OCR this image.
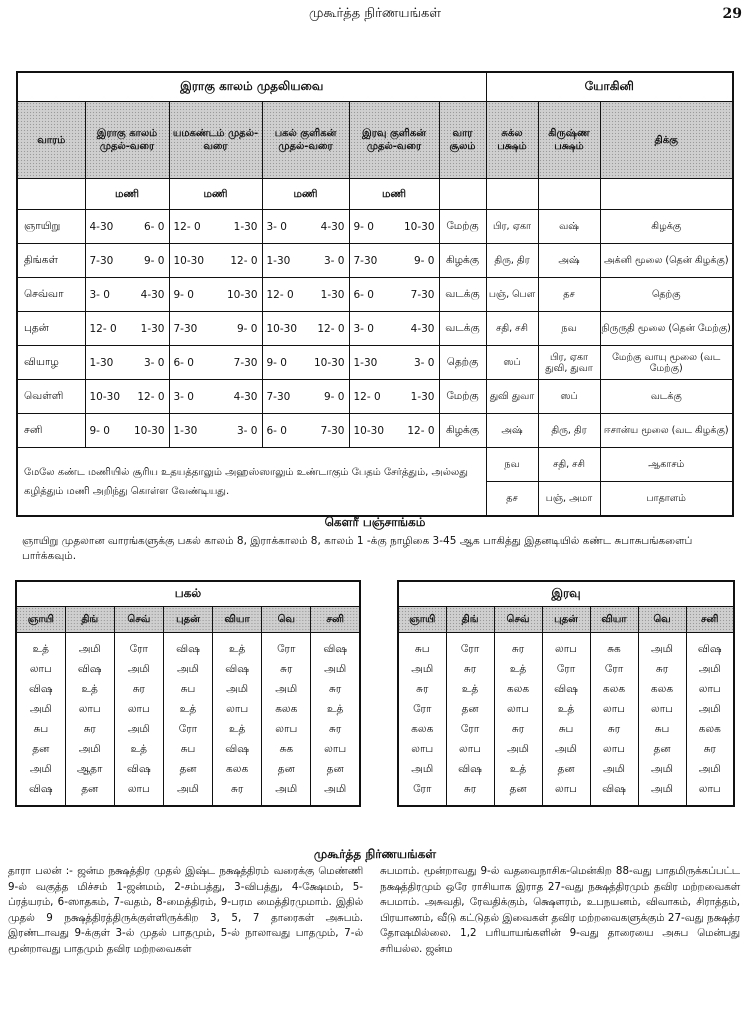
முகூர்த்த நிர்ணயங்கள்	29
இராகு காலம் முதலியவை						யோகினி		
வாரம்	இராகு காலம் முதல்-வரை	யமகண்டம் முதல்-வரை	பகல் குளிகன் முதல்-வரை	இரவு குளிகன் முதல்-வரை	வார சூலம்	சுக்ல பக்ஷம்	கிருஷ்ண பக்ஷம்	திக்கு
	மணி	மணி	மணி	மணி				
ஞாயிறு	4-30 6- 0	12- 0 1-30	3- 0 4-30	9- 0 10-30	மேற்கு	பிர, ஏகா	வஷ்	கிழக்கு
திங்கள்	7-30 9- 0	10-30 12- 0	1-30 3- 0	7-30 9- 0	கிழக்கு	திரு, திர	அஷ்	அக்னி மூலை (தென் கிழக்கு)
செவ்வா	3- 0 4-30	9- 0 10-30	12- 0 1-30	6- 0 7-30	வடக்கு	பஞ், பௌ	தச	தெற்கு
புதன்	12- 0 1-30	7-30 9- 0	10-30 12- 0	3- 0 4-30	வடக்கு	சதி, சசி	நவ	நிருருதி மூலை (தென் மேற்கு)
வியாழ	1-30 3- 0	6- 0 7-30	9- 0 10-30	1-30 3- 0	தெற்கு	ஸப்	பிர, ஏகா துவி, துவா	மேற்கு வாயு மூலை (வட மேற்கு)
வெள்ளி	10-30 12- 0	3- 0 4-30	7-30 9- 0	12- 0 1-30	மேற்கு	துவி துவா	ஸப்	வடக்கு
சனி	9- 0 10-30	1-30 3- 0	6- 0 7-30	10-30 12- 0	கிழக்கு	அஷ்	திரு, திர	ஈசான்ய மூலை (வட கிழக்கு)
மேலே கண்ட மணியில் சூரிய உதயத்தாலும் அஹஸ்ஸாலும் உண்டாகும் பேதம் சேர்த்தும், அல்லது கழித்தும் மணி அறிந்து கொள்ள வேண்டியது.						நவ	சதி, சசி	ஆகாசம்
						தச	பஞ், அமா	பாதாளம்
கௌரீ பஞ்சாங்கம்
ஞாயிறு முதலான வாரங்களுக்கு பகல் காலம் 8, இராக்காலம் 8, காலம் 1 -க்கு நாழிகை 3-45 ஆக பாகித்து இதனடியில் கண்ட சுபாசுபங்களைப் பார்க்கவும்.
பகல்						
ஞாயி	திங்	செவ்	புதன்	வியா	வெ	சனி
உத்	அமி	ரோ	விஷ	உத்	ரோ	விஷ
லாப	விஷ	அமி	அமி	விஷ	சுர	அமி
விஷ	உத்	சுர	சுப	அமி	அமி	சுர
அமி	லாப	லாப	உத்	லாப	கலக	உத்
சுப	சுர	அமி	ரோ	உத்	லாப	சுர
தன	அமி	உத்	சுப	விஷ	சுக	லாப
அமி	ஆதா	விஷ	தன	கலக	தன	தன
விஷ	தன	லாப	அமி	சுர	அமி	அமி
இரவு						
ஞாயி	திங்	செவ்	புதன்	வியா	வெ	சனி
சுப	ரோ	சுர	லாப	சுக	அமி	விஷ
அமி	சுர	உத்	ரோ	ரோ	சுர	அமி
சுர	உத்	கலக	விஷ	கலக	கலக	லாப
ரோ	தன	லாப	உத்	லாப	லாப	அமி
கலக	ரோ	சுர	சுப	சுர	சுப	கலக
லாப	லாப	அமி	அமி	லாப	தன	சுர
அமி	விஷ	உத்	தன	அமி	அமி	அமி
ரோ	சுர	தன	லாப	விஷ	அமி	லாப
முகூர்த்த நிர்ணயங்கள்
தாரா பலன் :- ஜன்ம நக்ஷத்திர முதல் இஷ்ட நக்ஷத்திரம் வரைக்கு மெண்ணி 9-ல் வகுத்த மிச்சம் 1-ஜன்மம், 2-சம்பத்து, 3-விபத்து, 4-க்ஷேமம், 5-ப்ரத்யரம், 6-ஸாதகம், 7-வதம், 8-மைத்திரம், 9-பரம மைத்திரமுமாம். இதில் முதல் 9 நக்ஷத்திரத்திருக்குள்ளிருக்கிற 3, 5, 7 தாரைகள் அசுபம். இரண்டாவது 9-க்குள் 3-ல் முதல் பாதமும், 5-ல் நாலாவது பாதமும், 7-ல் மூன்றாவது பாதமும் தவிர மற்றவைகள்
சுபமாம். மூன்றாவது 9-ல் வதவைநாசிக-மென்கிற 88-வது பாதமிருக்கப்பட்ட நக்ஷத்திரமும் ஒரே ராசியாக இராத 27-வது நக்ஷத்திரமும் தவிர மற்றவைகள் சுபமாம். அசுவதி, ரேவதிக்கும், க்ஷௌரம், உபநயனம், விவாகம், சிராத்தம், பிரயாணம், வீடு கட்டுதல் இவைகள் தவிர மற்றவைகளுக்கும் 27-வது நக்ஷத்ர தோஷமில்லை. 1,2 பரியாயங்களின் 9-வது தாரையை அசுப மென்பது சரியல்ல. ஜன்ம
